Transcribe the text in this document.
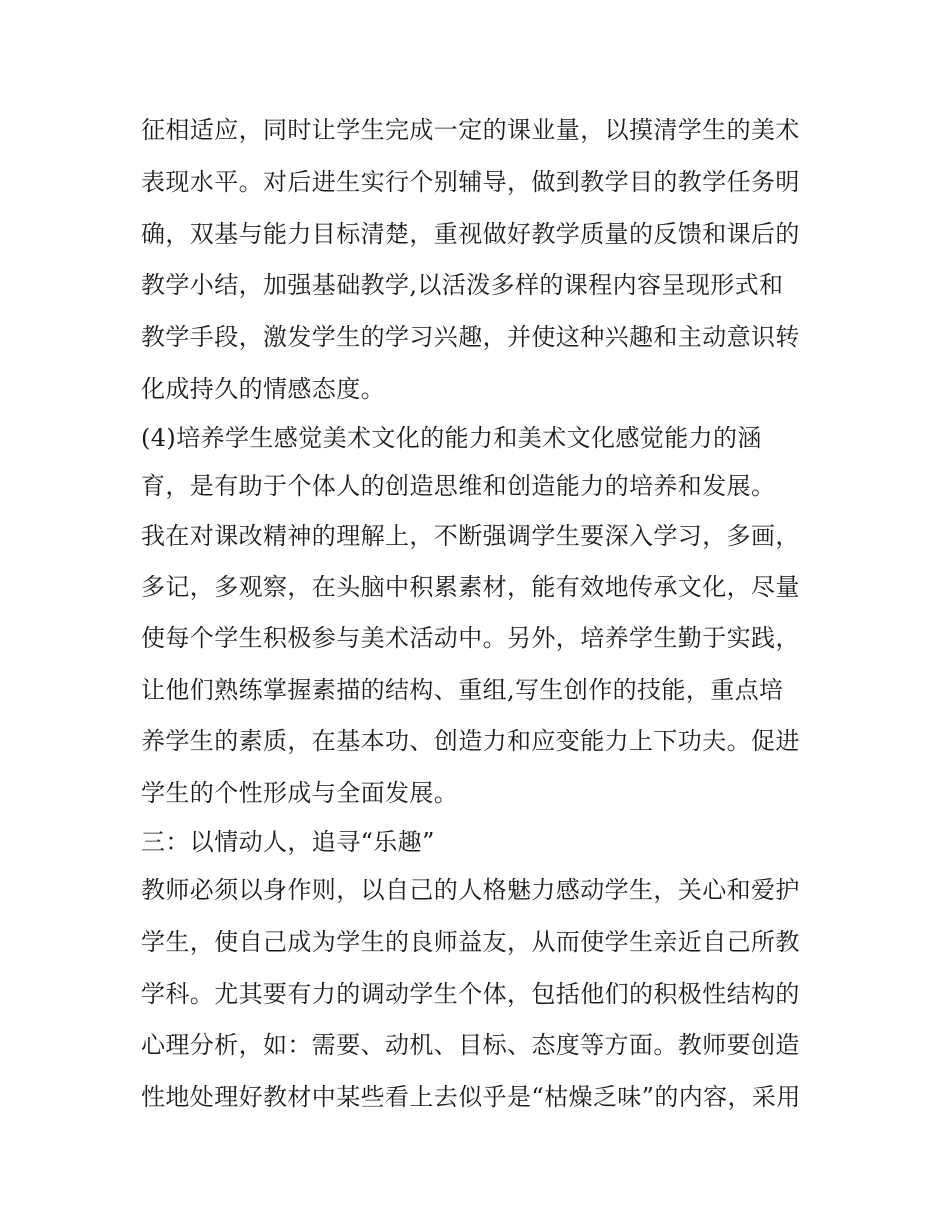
征相适应，同时让学生完成一定的课业量，以摸清学生的美术
表现水平。对后进生实行个别辅导，做到教学目的教学任务明
确，双基与能力目标清楚，重视做好教学质量的反馈和课后的
教学小结，加强基础教学,以活泼多样的课程内容呈现形式和
教学手段，激发学生的学习兴趣，并使这种兴趣和主动意识转
化成持久的情感态度。
(4)培养学生感觉美术文化的能力和美术文化感觉能力的涵
育，是有助于个体人的创造思维和创造能力的培养和发展。
我在对课改精神的理解上，不断强调学生要深入学习，多画，
多记，多观察，在头脑中积累素材，能有效地传承文化，尽量
使每个学生积极参与美术活动中。另外，培养学生勤于实践，
让他们熟练掌握素描的结构、重组,写生创作的技能，重点培
养学生的素质，在基本功、创造力和应变能力上下功夫。促进
学生的个性形成与全面发展。
三：以情动人，追寻“乐趣”
教师必须以身作则，以自己的人格魅力感动学生，关心和爱护
学生，使自己成为学生的良师益友，从而使学生亲近自己所教
学科。尤其要有力的调动学生个体，包括他们的积极性结构的
心理分析，如：需要、动机、目标、态度等方面。教师要创造
性地处理好教材中某些看上去似乎是“枯燥乏味”的内容，采用
